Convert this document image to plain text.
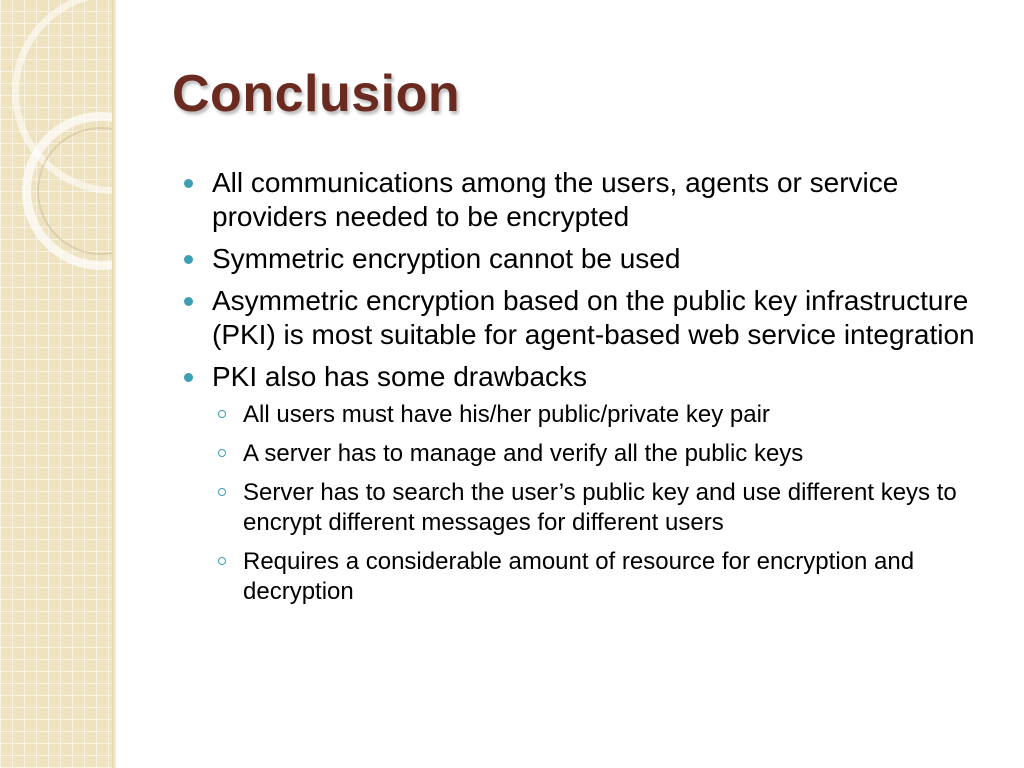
Conclusion
All communications among the users, agents or service providers needed to be encrypted
Symmetric encryption cannot be used
Asymmetric encryption based on the public key infrastructure (PKI) is most suitable for agent-based web service integration
PKI also has some drawbacks
All users must have his/her public/private key pair
A server has to manage and verify all the public keys
Server has to search the user’s public key and use different keys to encrypt different messages for different users
Requires a considerable amount of resource for encryption and decryption
